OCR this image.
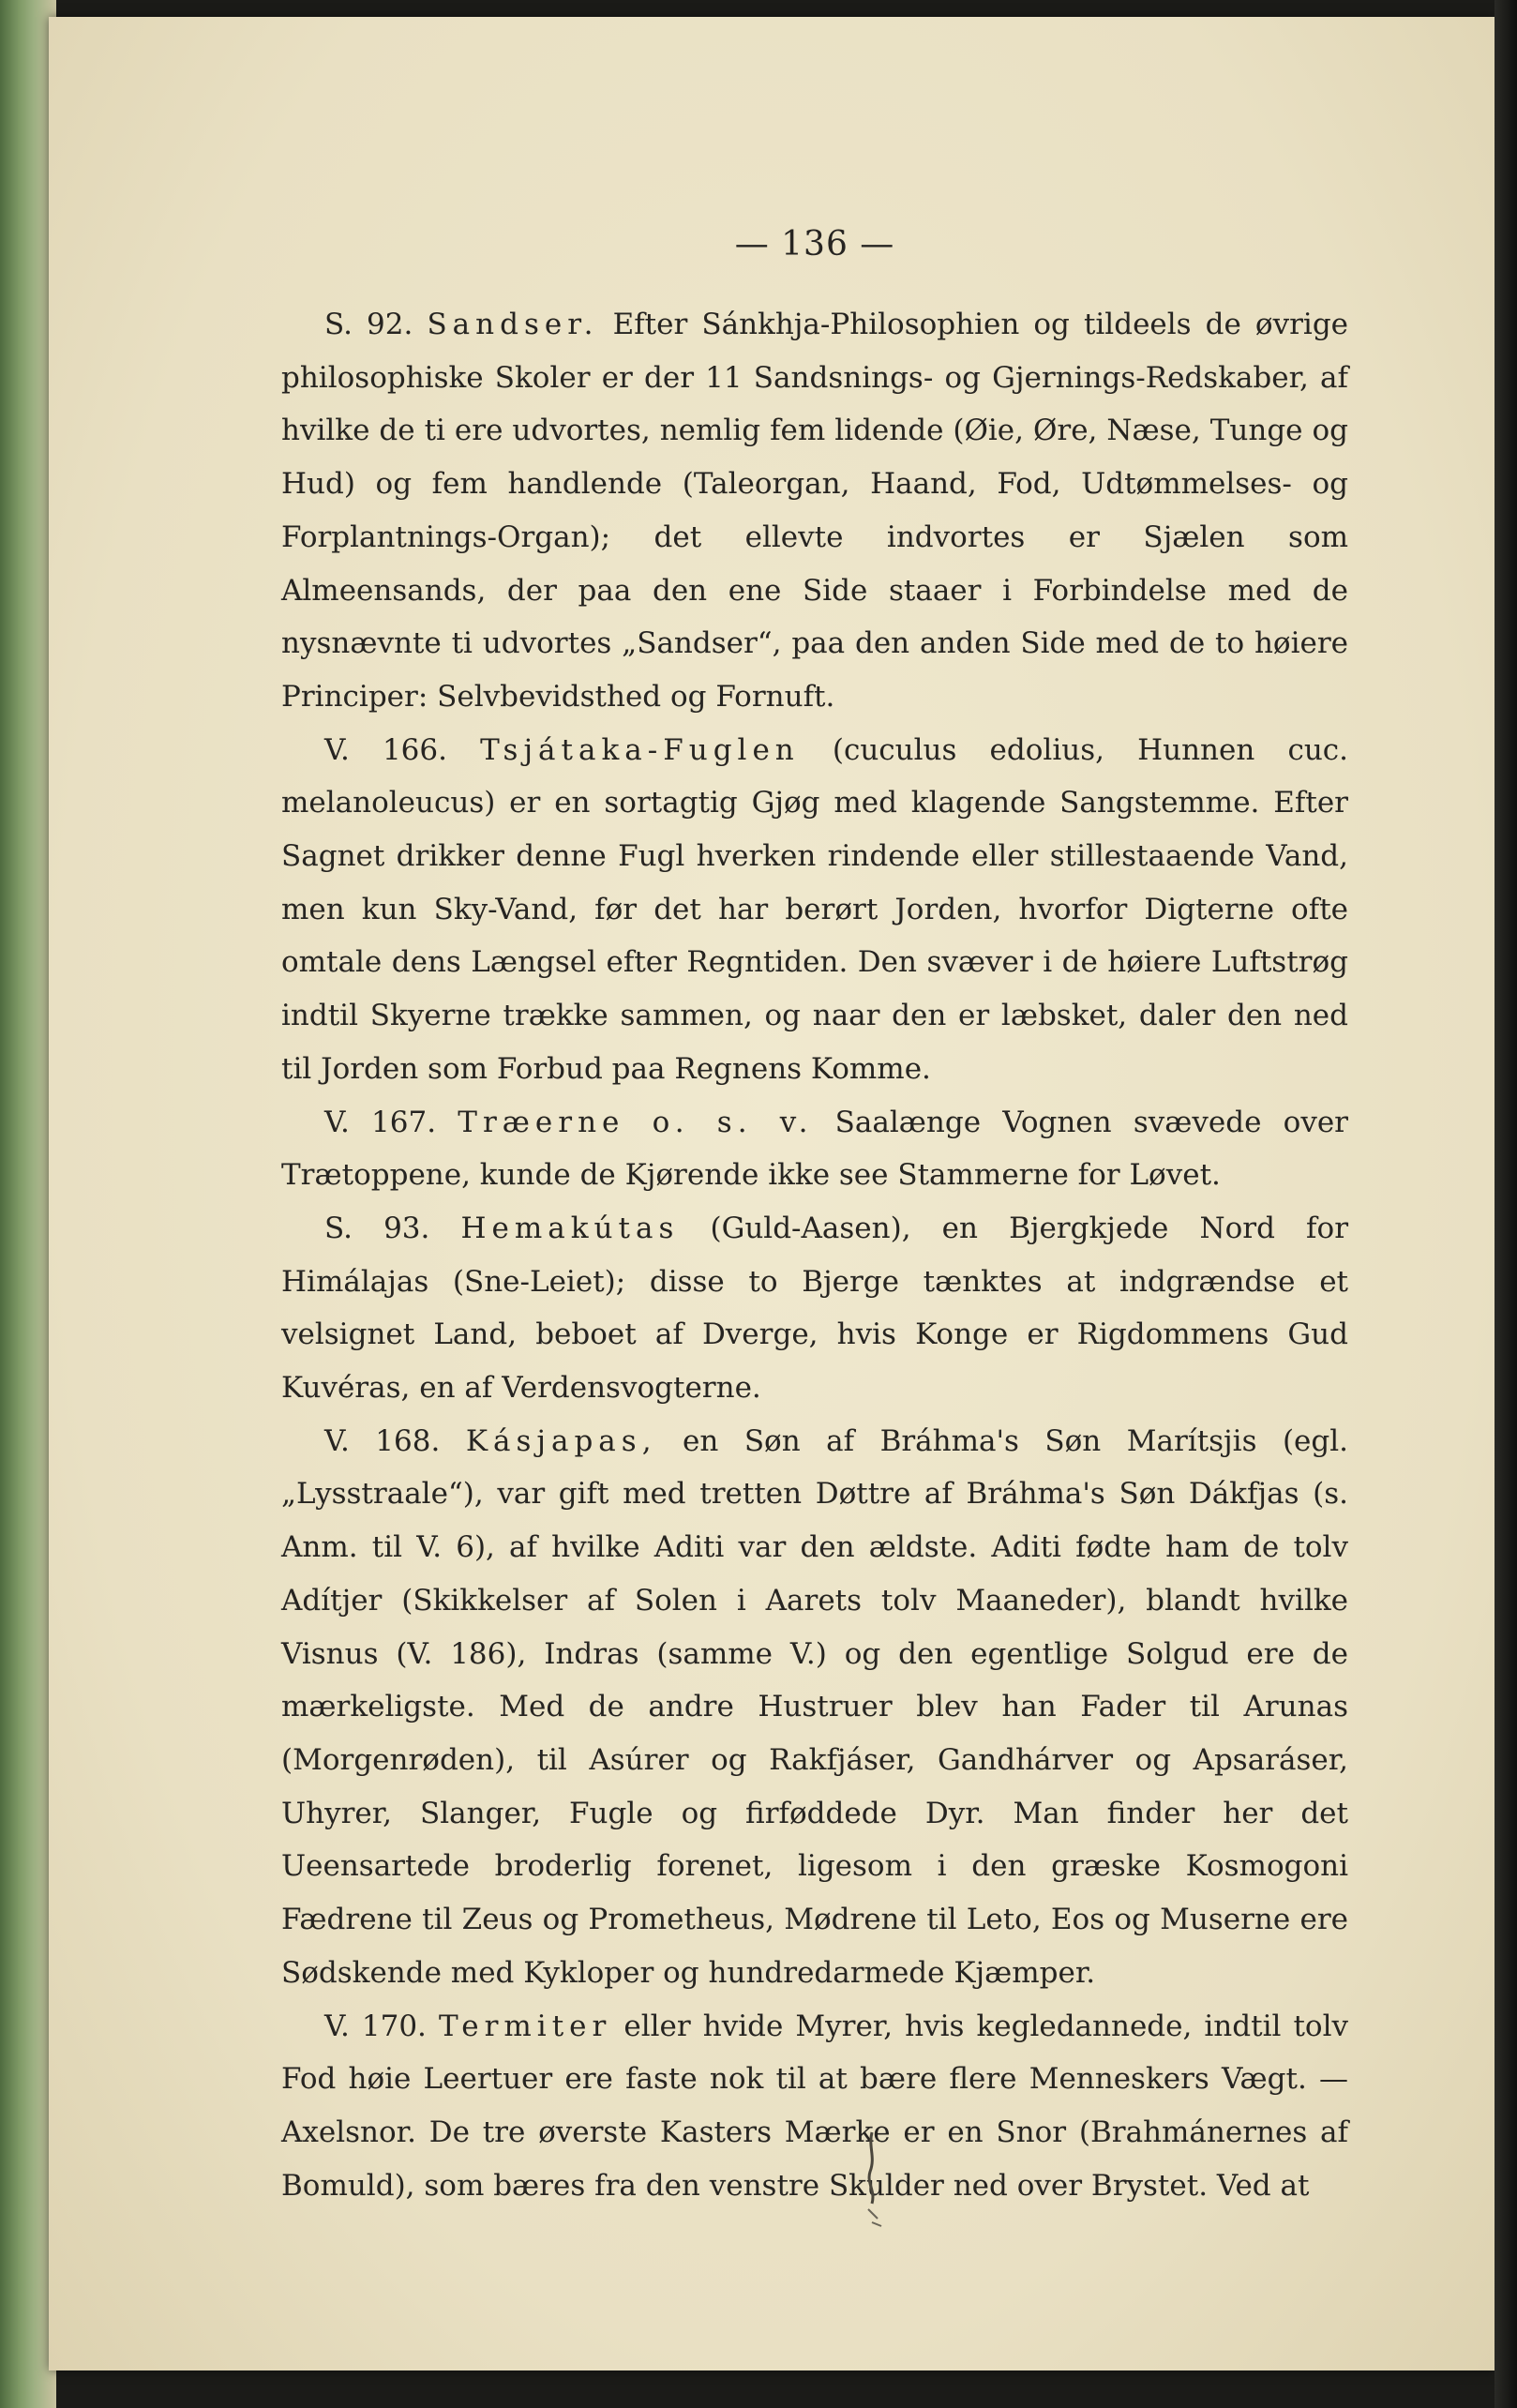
— 136 —

S. 92. Sandser. Efter Sánkhja-Philosophien og tildeels de øvrige philosophiske Skoler er der 11 Sandsnings- og Gjernings-Redskaber, af hvilke de ti ere udvortes, nemlig fem lidende (Øie, Øre, Næse, Tunge og Hud) og fem handlende (Taleorgan, Haand, Fod, Udtømmelses- og Forplantnings-Organ); det ellevte indvortes er Sjælen som Almeensands, der paa den ene Side staaer i Forbindelse med de nysnævnte ti udvortes „Sandser“, paa den anden Side med de to høiere Principer: Selvbevidsthed og Fornuft.

V. 166. Tsjátaka-Fuglen (cuculus edolius, Hunnen cuc. melanoleucus) er en sortagtig Gjøg med klagende Sangstemme. Efter Sagnet drikker denne Fugl hverken rindende eller stillestaaende Vand, men kun Sky-Vand, før det har berørt Jorden, hvorfor Digterne ofte omtale dens Længsel efter Regntiden. Den svæver i de høiere Luftstrøg indtil Skyerne trække sammen, og naar den er læbsket, daler den ned til Jorden som Forbud paa Regnens Komme.

V. 167. Træerne o. s. v. Saalænge Vognen svævede over Trætoppene, kunde de Kjørende ikke see Stammerne for Løvet.

S. 93. Hemakútas (Guld-Aasen), en Bjergkjede Nord for Himálajas (Sne-Leiet); disse to Bjerge tænktes at indgrændse et velsignet Land, beboet af Dverge, hvis Konge er Rigdommens Gud Kuvéras, en af Verdensvogterne.

V. 168. Kásjapas, en Søn af Bráhma's Søn Marítsjis (egl. „Lysstraale“), var gift med tretten Døttre af Bráhma's Søn Dákfjas (s. Anm. til V. 6), af hvilke Aditi var den ældste. Aditi fødte ham de tolv Adítjer (Skikkelser af Solen i Aarets tolv Maaneder), blandt hvilke Visnus (V. 186), Indras (samme V.) og den egentlige Solgud ere de mærkeligste. Med de andre Hustruer blev han Fader til Arunas (Morgenrøden), til Asúrer og Rakfjáser, Gandhárver og Apsaráser, Uhyrer, Slanger, Fugle og firføddede Dyr. Man finder her det Ueensartede broderlig forenet, ligesom i den græske Kosmogoni Fædrene til Zeus og Prometheus, Mødrene til Leto, Eos og Muserne ere Sødskende med Kykloper og hundredarmede Kjæmper.

V. 170. Termiter eller hvide Myrer, hvis kegledannede, indtil tolv Fod høie Leertuer ere faste nok til at bære flere Menneskers Vægt. — Axelsnor. De tre øverste Kasters Mærke er en Snor (Brahmánernes af Bomuld), som bæres fra den venstre Skulder ned over Brystet. Ved at
